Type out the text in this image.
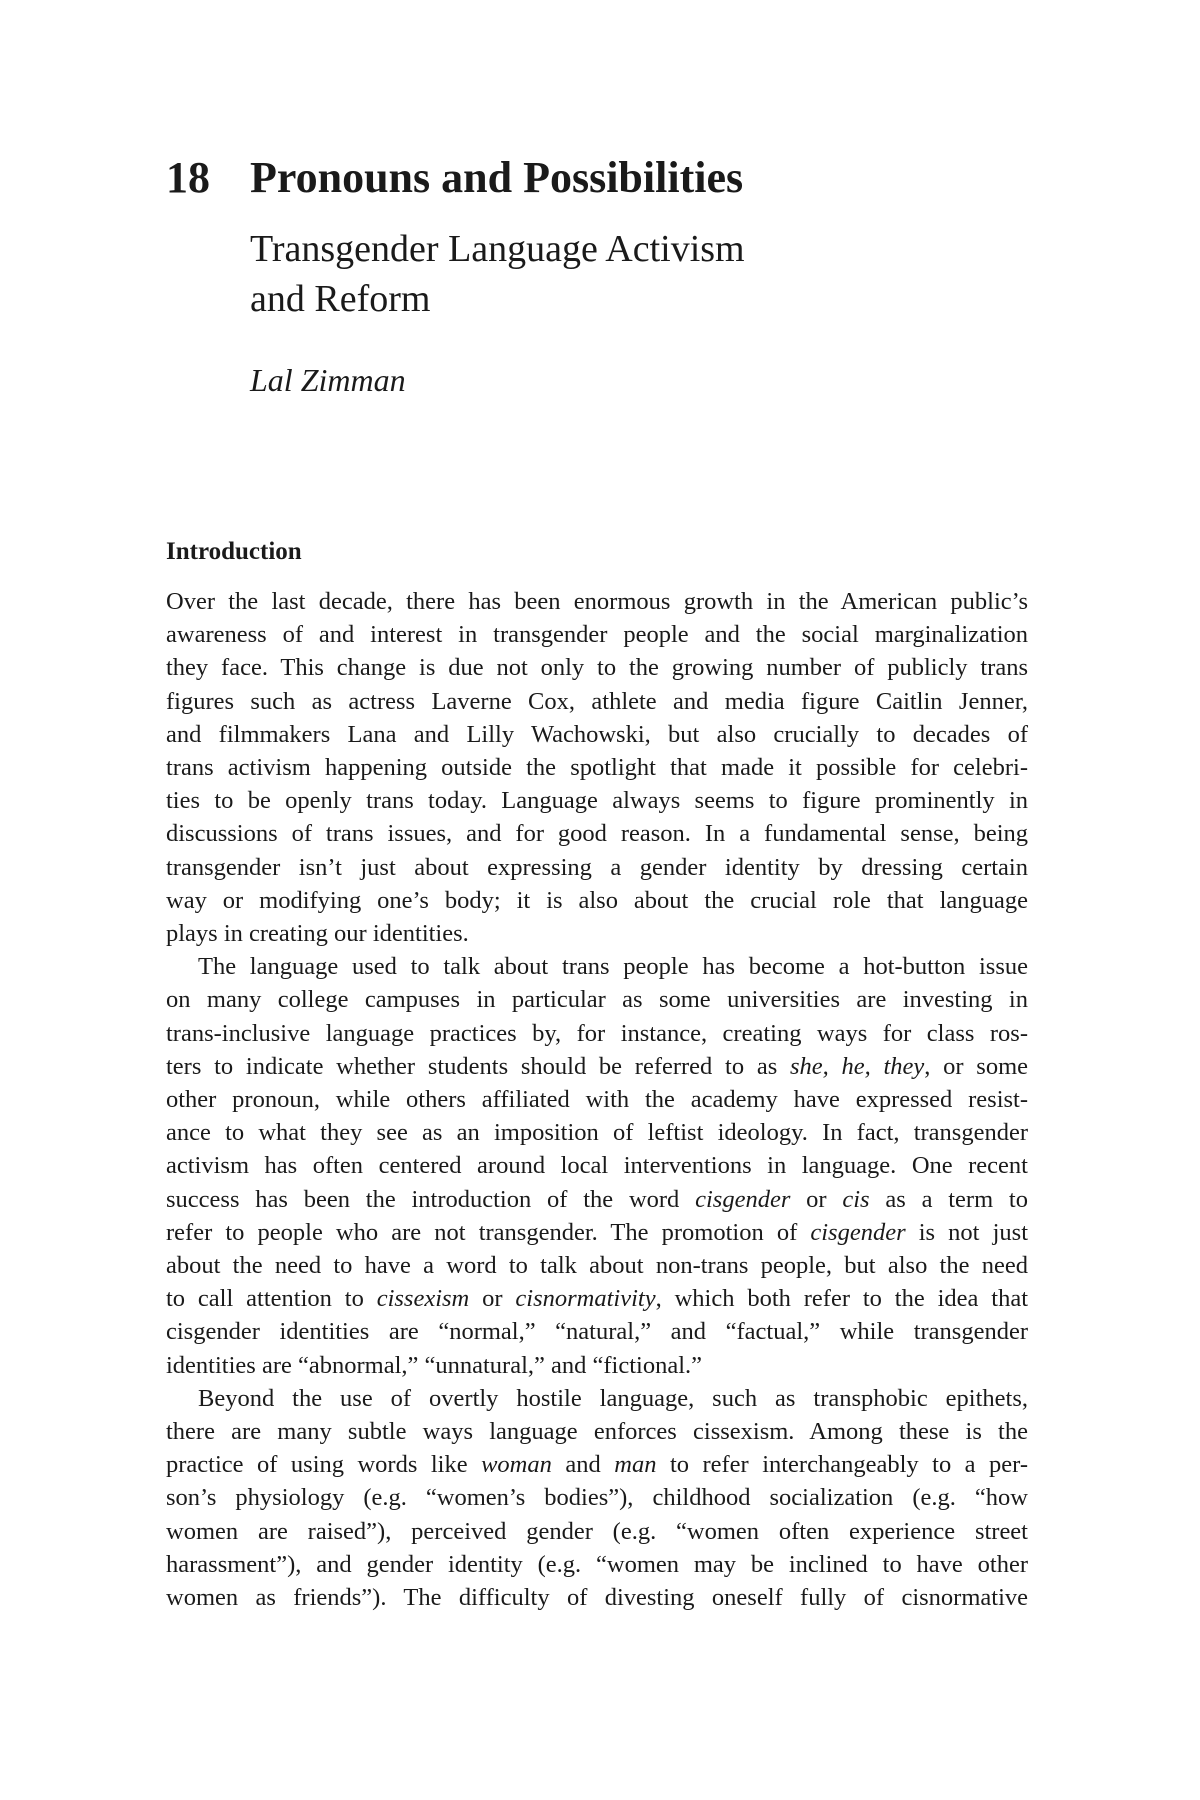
18 Pronouns and Possibilities
Transgender Language Activism
and Reform
Lal Zimman
Introduction
Over the last decade, there has been enormous growth in the American public’s
awareness of and interest in transgender people and the social marginalization
they face. This change is due not only to the growing number of publicly trans
figures such as actress Laverne Cox, athlete and media figure Caitlin Jenner,
and filmmakers Lana and Lilly Wachowski, but also crucially to decades of
trans activism happening outside the spotlight that made it possible for celebri-
ties to be openly trans today. Language always seems to figure prominently in
discussions of trans issues, and for good reason. In a fundamental sense, being
transgender isn’t just about expressing a gender identity by dressing certain
way or modifying one’s body; it is also about the crucial role that language
plays in creating our identities.
The language used to talk about trans people has become a hot-button issue
on many college campuses in particular as some universities are investing in
trans-inclusive language practices by, for instance, creating ways for class ros-
ters to indicate whether students should be referred to as she, he, they, or some
other pronoun, while others affiliated with the academy have expressed resist-
ance to what they see as an imposition of leftist ideology. In fact, transgender
activism has often centered around local interventions in language. One recent
success has been the introduction of the word cisgender or cis as a term to
refer to people who are not transgender. The promotion of cisgender is not just
about the need to have a word to talk about non-trans people, but also the need
to call attention to cissexism or cisnormativity, which both refer to the idea that
cisgender identities are “normal,” “natural,” and “factual,” while transgender
identities are “abnormal,” “unnatural,” and “fictional.”
Beyond the use of overtly hostile language, such as transphobic epithets,
there are many subtle ways language enforces cissexism. Among these is the
practice of using words like woman and man to refer interchangeably to a per-
son’s physiology (e.g. “women’s bodies”), childhood socialization (e.g. “how
women are raised”), perceived gender (e.g. “women often experience street
harassment”), and gender identity (e.g. “women may be inclined to have other
women as friends”). The difficulty of divesting oneself fully of cisnormative
